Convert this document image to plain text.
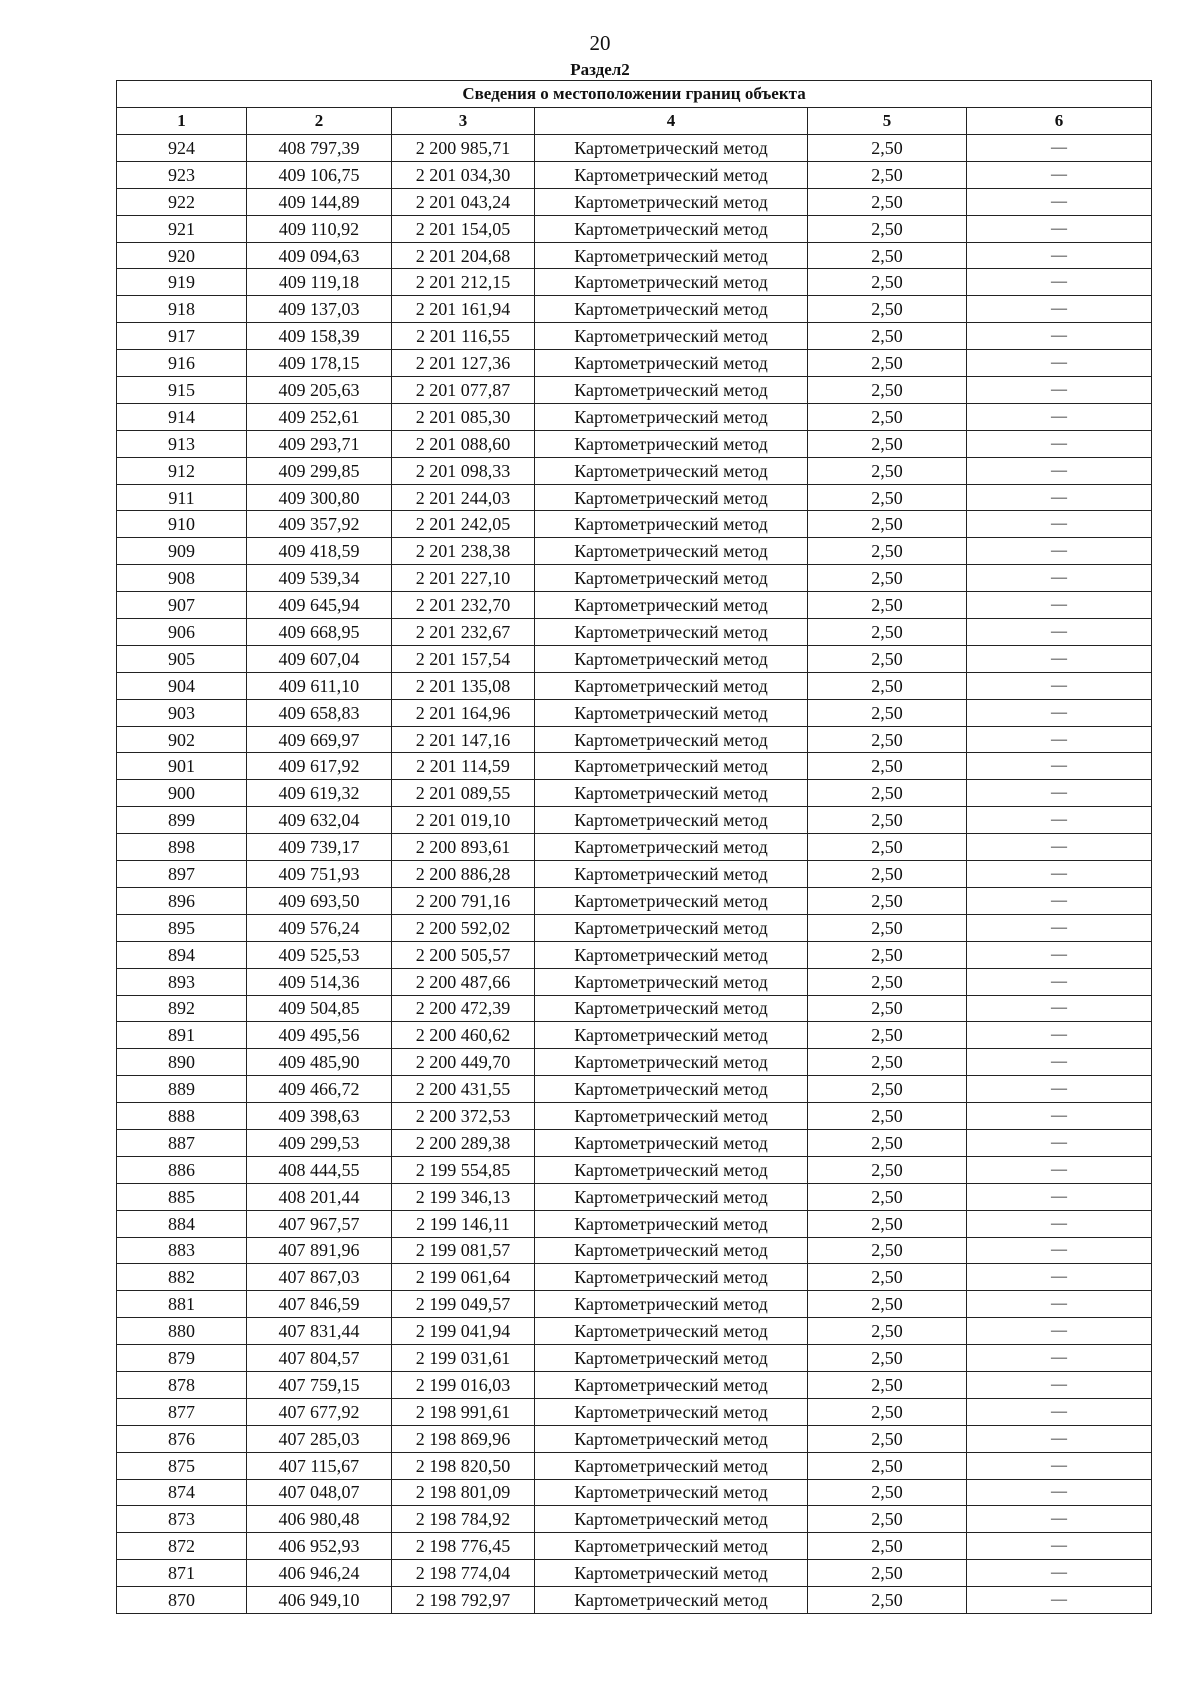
20
Раздел2
Сведения о местоположении границ объекта					
1	2	3	4	5	6
924	408 797,39	2 200 985,71	Картометрический метод	2,50	—
923	409 106,75	2 201 034,30	Картометрический метод	2,50	—
922	409 144,89	2 201 043,24	Картометрический метод	2,50	—
921	409 110,92	2 201 154,05	Картометрический метод	2,50	—
920	409 094,63	2 201 204,68	Картометрический метод	2,50	—
919	409 119,18	2 201 212,15	Картометрический метод	2,50	—
918	409 137,03	2 201 161,94	Картометрический метод	2,50	—
917	409 158,39	2 201 116,55	Картометрический метод	2,50	—
916	409 178,15	2 201 127,36	Картометрический метод	2,50	—
915	409 205,63	2 201 077,87	Картометрический метод	2,50	—
914	409 252,61	2 201 085,30	Картометрический метод	2,50	—
913	409 293,71	2 201 088,60	Картометрический метод	2,50	—
912	409 299,85	2 201 098,33	Картометрический метод	2,50	—
911	409 300,80	2 201 244,03	Картометрический метод	2,50	—
910	409 357,92	2 201 242,05	Картометрический метод	2,50	—
909	409 418,59	2 201 238,38	Картометрический метод	2,50	—
908	409 539,34	2 201 227,10	Картометрический метод	2,50	—
907	409 645,94	2 201 232,70	Картометрический метод	2,50	—
906	409 668,95	2 201 232,67	Картометрический метод	2,50	—
905	409 607,04	2 201 157,54	Картометрический метод	2,50	—
904	409 611,10	2 201 135,08	Картометрический метод	2,50	—
903	409 658,83	2 201 164,96	Картометрический метод	2,50	—
902	409 669,97	2 201 147,16	Картометрический метод	2,50	—
901	409 617,92	2 201 114,59	Картометрический метод	2,50	—
900	409 619,32	2 201 089,55	Картометрический метод	2,50	—
899	409 632,04	2 201 019,10	Картометрический метод	2,50	—
898	409 739,17	2 200 893,61	Картометрический метод	2,50	—
897	409 751,93	2 200 886,28	Картометрический метод	2,50	—
896	409 693,50	2 200 791,16	Картометрический метод	2,50	—
895	409 576,24	2 200 592,02	Картометрический метод	2,50	—
894	409 525,53	2 200 505,57	Картометрический метод	2,50	—
893	409 514,36	2 200 487,66	Картометрический метод	2,50	—
892	409 504,85	2 200 472,39	Картометрический метод	2,50	—
891	409 495,56	2 200 460,62	Картометрический метод	2,50	—
890	409 485,90	2 200 449,70	Картометрический метод	2,50	—
889	409 466,72	2 200 431,55	Картометрический метод	2,50	—
888	409 398,63	2 200 372,53	Картометрический метод	2,50	—
887	409 299,53	2 200 289,38	Картометрический метод	2,50	—
886	408 444,55	2 199 554,85	Картометрический метод	2,50	—
885	408 201,44	2 199 346,13	Картометрический метод	2,50	—
884	407 967,57	2 199 146,11	Картометрический метод	2,50	—
883	407 891,96	2 199 081,57	Картометрический метод	2,50	—
882	407 867,03	2 199 061,64	Картометрический метод	2,50	—
881	407 846,59	2 199 049,57	Картометрический метод	2,50	—
880	407 831,44	2 199 041,94	Картометрический метод	2,50	—
879	407 804,57	2 199 031,61	Картометрический метод	2,50	—
878	407 759,15	2 199 016,03	Картометрический метод	2,50	—
877	407 677,92	2 198 991,61	Картометрический метод	2,50	—
876	407 285,03	2 198 869,96	Картометрический метод	2,50	—
875	407 115,67	2 198 820,50	Картометрический метод	2,50	—
874	407 048,07	2 198 801,09	Картометрический метод	2,50	—
873	406 980,48	2 198 784,92	Картометрический метод	2,50	—
872	406 952,93	2 198 776,45	Картометрический метод	2,50	—
871	406 946,24	2 198 774,04	Картометрический метод	2,50	—
870	406 949,10	2 198 792,97	Картометрический метод	2,50	—
